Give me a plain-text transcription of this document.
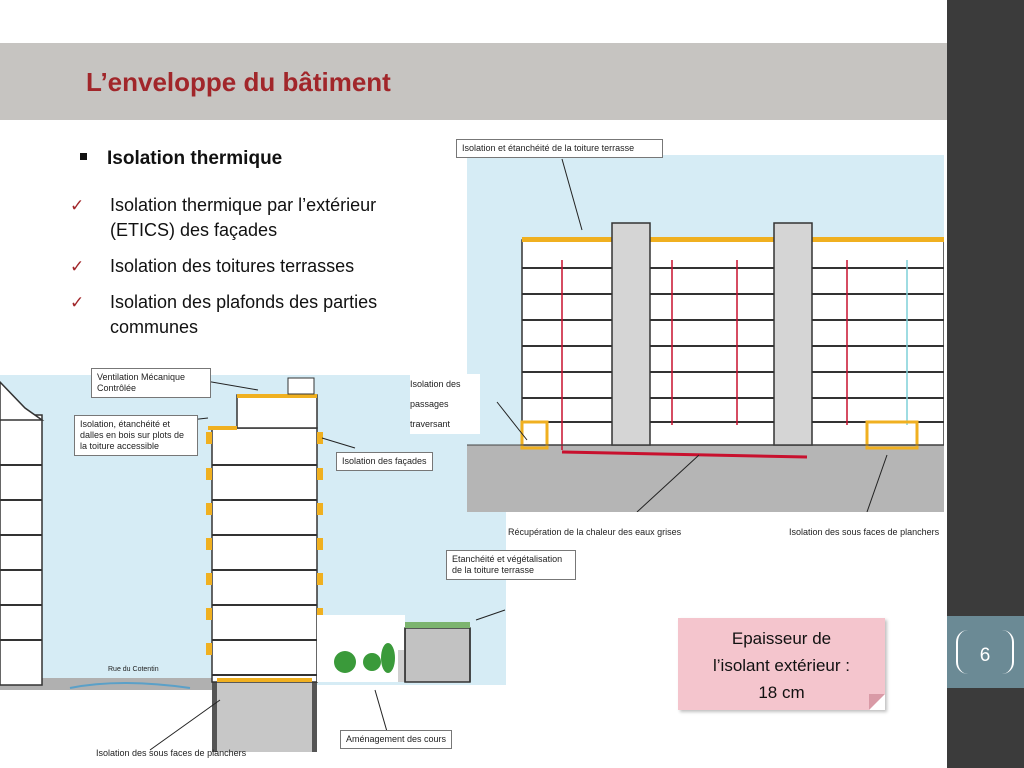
6
L’enveloppe du bâtiment
Isolation thermique
✓ Isolation thermique par l’extérieur (ETICS) des façades
✓ Isolation des toitures terrasses
✓ Isolation des plafonds des parties communes
Ventilation Mécanique Contrôlée
Isolation, étanchéité et dalles en bois sur plots de la toiture accessible
Isolation des passages traversant
Isolation des façades
Etanchéité et végétalisation de la toiture terrasse
Aménagement des cours
Isolation des sous faces de planchers
Rue du Cotentin
Isolation et étanchéité de la toiture terrasse
Récupération de la chaleur des eaux grises	Isolation des sous faces de planchers
Epaisseur de
l’isolant extérieur :
18 cm
